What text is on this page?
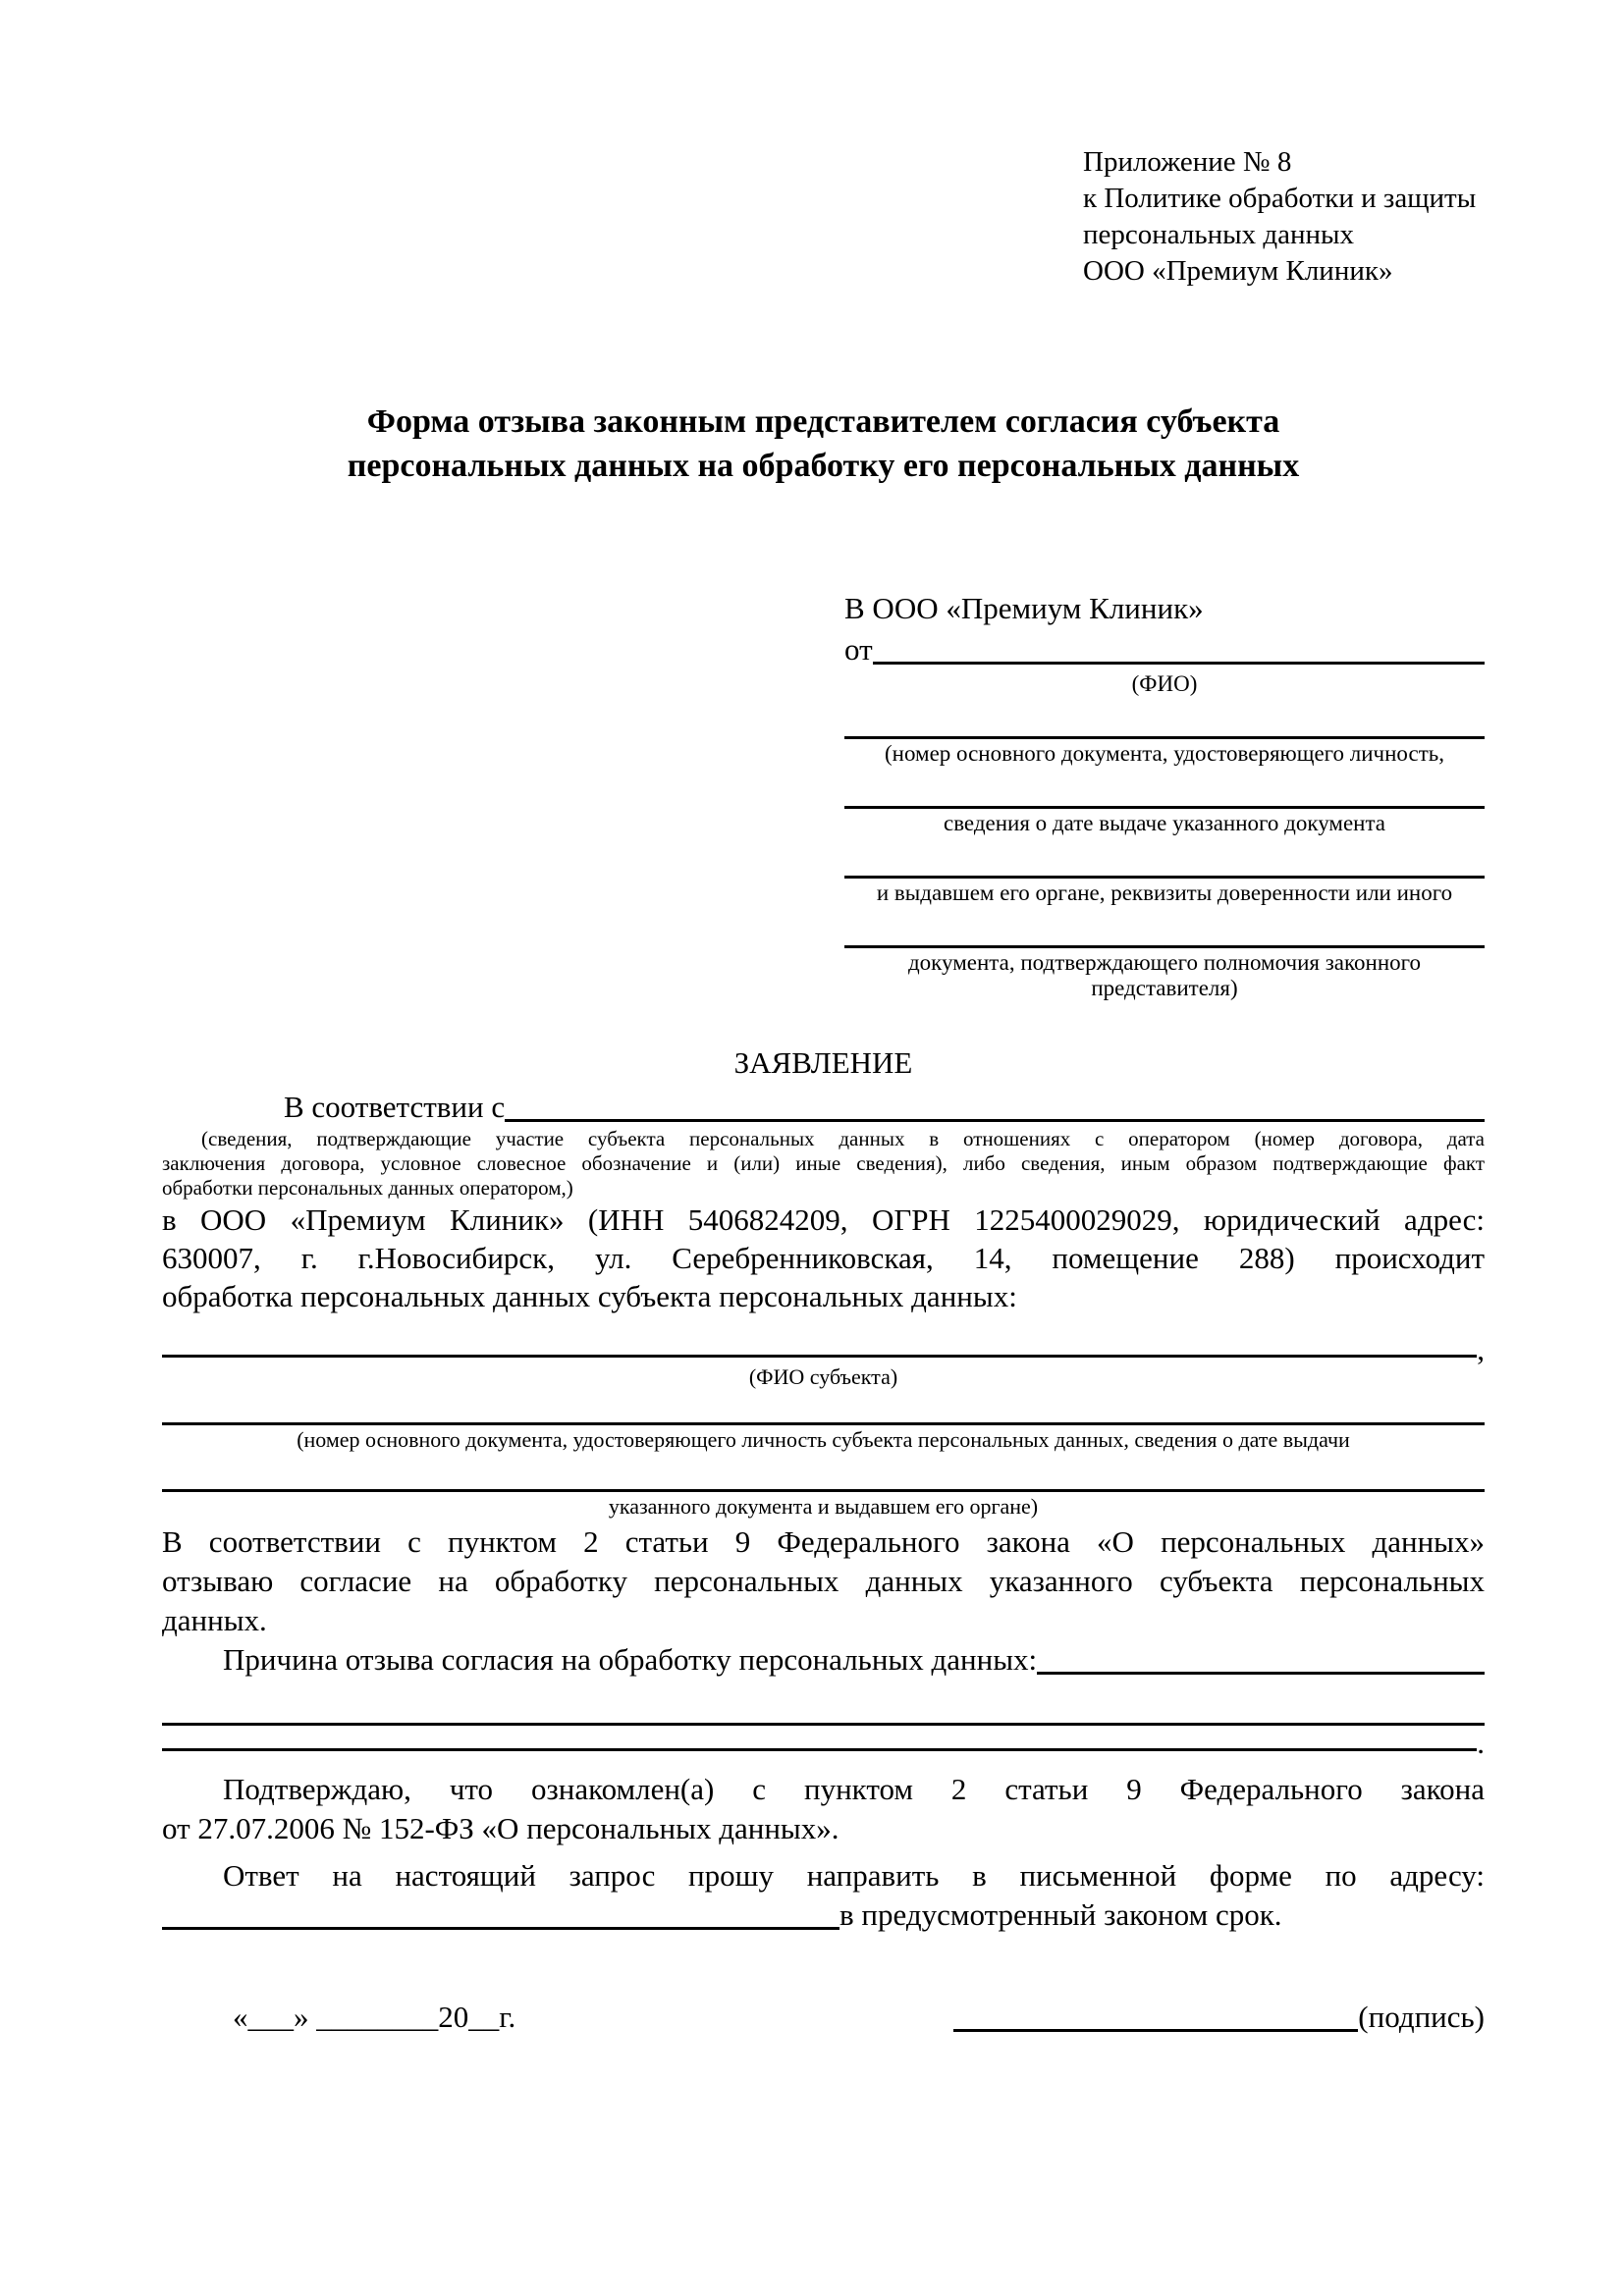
Приложение № 8
к Политике обработки и защиты
персональных данных
ООО «Премиум Клиник»
Форма отзыва законным представителем согласия субъекта
персональных данных на обработку его персональных данных
В ООО «Премиум Клиник»
от
(ФИО)
(номер основного документа, удостоверяющего личность,
сведения о дате выдаче указанного документа
и выдавшем его органе, реквизиты доверенности или иного
документа, подтверждающего полномочия законного представителя)
ЗАЯВЛЕНИЕ
В соответствии с
(сведения, подтверждающие участие субъекта персональных данных в отношениях с оператором (номер договора, дата
заключения договора, условное словесное обозначение и (или) иные сведения), либо сведения, иным образом подтверждающие факт
обработки персональных данных оператором,)
в ООО «Премиум Клиник» (ИНН 5406824209, ОГРН 1225400029029, юридический адрес:
630007, г. г.Новосибирск, ул. Серебренниковская, 14, помещение 288) происходит
обработка персональных данных субъекта персональных данных:
,
(ФИО субъекта)
(номер основного документа, удостоверяющего личность субъекта персональных данных, сведения о дате выдачи
указанного документа и выдавшем его органе)
В соответствии с пунктом 2 статьи 9 Федерального закона «О персональных данных»
отзываю согласие на обработку персональных данных указанного субъекта персональных
данных.
Причина отзыва согласия на обработку персональных данных:
.
Подтверждаю, что ознакомлен(а) с пунктом 2 статьи 9 Федерального закона
от 27.07.2006 № 152-ФЗ «О персональных данных».
Ответ на настоящий запрос прошу направить в письменной форме по адресу:
в предусмотренный законом срок.
«___» ________20__г.	(подпись)
